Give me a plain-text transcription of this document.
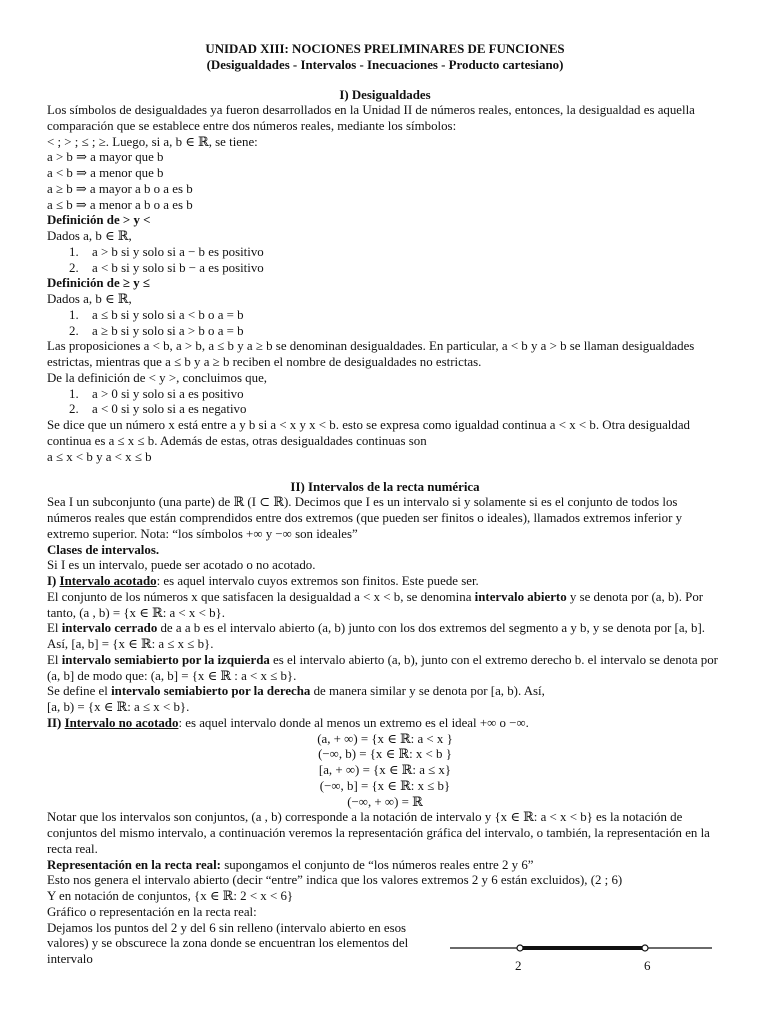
UNIDAD XIII: NOCIONES PRELIMINARES DE FUNCIONES
(Desigualdades - Intervalos - Inecuaciones - Producto cartesiano)
I) Desigualdades
Los símbolos de desigualdades ya fueron desarrollados en la Unidad II de números reales, entonces, la desigualdad es aquella comparación que se establece entre dos números reales, mediante los símbolos:
< ; > ; ≤ ; ≥. Luego, si a, b ∈ ℝ, se tiene:
a > b ⇒ a mayor que b
a < b ⇒ a menor que b
a ≥ b ⇒ a mayor a b o a es b
a ≤ b ⇒ a menor a b o a es b
Definición de > y <
Dados a, b ∈ ℝ,
1. a > b si y solo si a − b es positivo
2. a < b si y solo si b − a es positivo
Definición de ≥ y ≤
Dados a, b ∈ ℝ,
1. a ≤ b si y solo si a < b o a = b
2. a ≥ b si y solo si a > b o a = b
Las proposiciones a < b, a > b, a ≤ b y a ≥ b se denominan desigualdades. En particular, a < b y a > b se llaman desigualdades estrictas, mientras que a ≤ b y a ≥ b reciben el nombre de desigualdades no estrictas.
De la definición de < y >, concluimos que,
1. a > 0 si y solo si a es positivo
2. a < 0 si y solo si a es negativo
Se dice que un número x está entre a y b si a < x y x < b. esto se expresa como igualdad continua a < x < b. Otra desigualdad continua es a ≤ x ≤ b. Además de estas, otras desigualdades continuas son
a ≤ x < b y a < x ≤ b
II) Intervalos de la recta numérica
Sea I un subconjunto (una parte) de ℝ (I ⊂ ℝ). Decimos que I es un intervalo si y solamente si es el conjunto de todos los números reales que están comprendidos entre dos extremos (que pueden ser finitos o ideales), llamados extremos inferior y extremo superior. Nota: “los símbolos +∞ y −∞ son ideales”
Clases de intervalos.
Si I es un intervalo, puede ser acotado o no acotado.
I) Intervalo acotado: es aquel intervalo cuyos extremos son finitos. Este puede ser.
El conjunto de los números x que satisfacen la desigualdad a < x < b, se denomina intervalo abierto y se denota por (a, b). Por tanto, (a , b) = {x ∈ ℝ: a < x < b}.
El intervalo cerrado de a a b es el intervalo abierto (a, b) junto con los dos extremos del segmento a y b, y se denota por [a, b]. Así, [a, b] = {x ∈ ℝ: a ≤ x ≤ b}.
El intervalo semiabierto por la izquierda es el intervalo abierto (a, b), junto con el extremo derecho b. el intervalo se denota por (a, b] de modo que: (a, b] = {x ∈ ℝ : a < x ≤ b}.
Se define el intervalo semiabierto por la derecha de manera similar y se denota por [a, b). Así,
[a, b) = {x ∈ ℝ: a ≤ x < b}.
II) Intervalo no acotado: es aquel intervalo donde al menos un extremo es el ideal +∞ o −∞.
(a, + ∞) = {x ∈ ℝ: a < x }
(−∞, b) = {x ∈ ℝ: x < b }
[a, + ∞) = {x ∈ ℝ: a ≤ x}
(−∞, b] = {x ∈ ℝ: x ≤ b}
(−∞, + ∞) = ℝ
Notar que los intervalos son conjuntos, (a , b) corresponde a la notación de intervalo y {x ∈ ℝ: a < x < b} es la notación de conjuntos del mismo intervalo, a continuación veremos la representación gráfica del intervalo, o también, la representación en la recta real.
Representación en la recta real: supongamos el conjunto de “los números reales entre 2 y 6”
Esto nos genera el intervalo abierto (decir “entre” indica que los valores extremos 2 y 6 están excluidos), (2 ; 6)
Y en notación de conjuntos, {x ∈ ℝ: 2 < x < 6}
Gráfico o representación en la recta real:
Dejamos los puntos del 2 y del 6 sin relleno (intervalo abierto en esos valores) y se obscurece la zona donde se encuentran los elementos del intervalo	2	6
